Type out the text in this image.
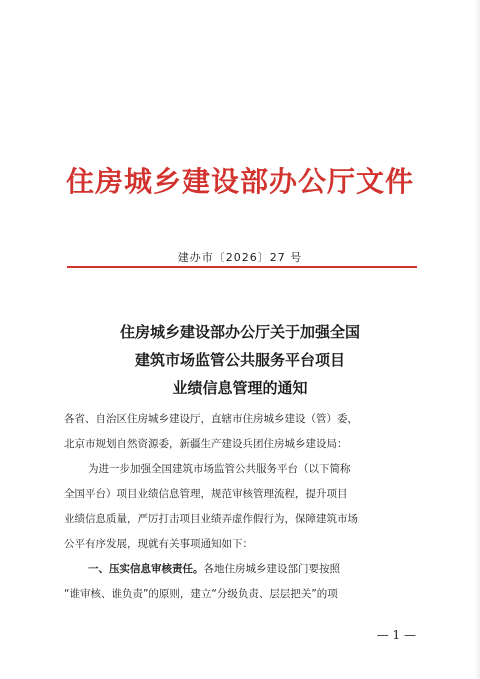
住房城乡建设部办公厅文件
建办市〔2026〕27 号
住房城乡建设部办公厅关于加强全国
建筑市场监管公共服务平台项目
业绩信息管理的通知
各省、自治区住房城乡建设厅，直辖市住房城乡建设（管）委，
北京市规划自然资源委，新疆生产建设兵团住房城乡建设局：
为进一步加强全国建筑市场监管公共服务平台（以下简称
全国平台）项目业绩信息管理，规范审核管理流程，提升项目
业绩信息质量，严厉打击项目业绩弄虚作假行为，保障建筑市场
公平有序发展，现就有关事项通知如下：
一、压实信息审核责任。各地住房城乡建设部门要按照
“谁审核、谁负责”的原则，建立“分级负责、层层把关”的项
— 1 —
